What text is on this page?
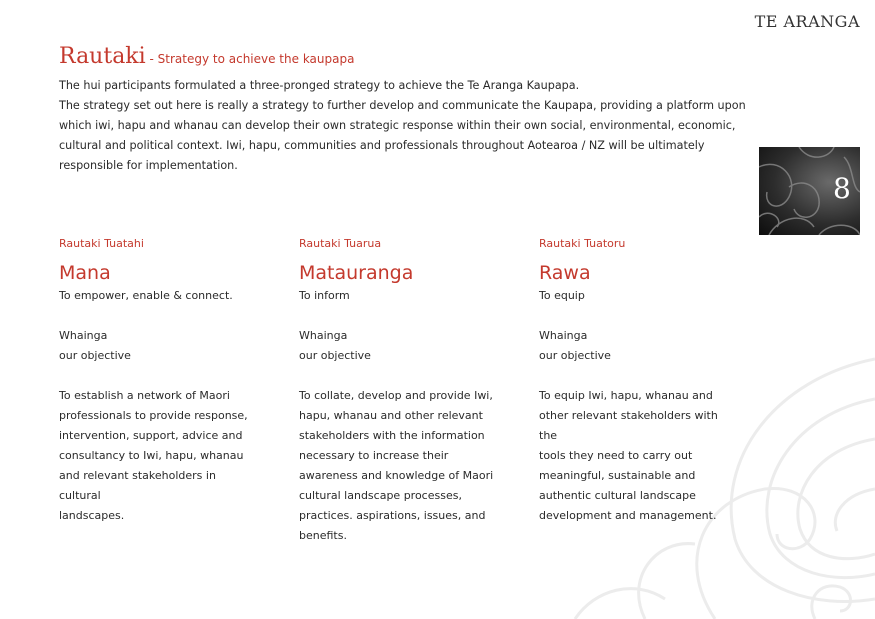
TE ARANGA
Rautaki - Strategy to achieve the kaupapa

The hui participants formulated a three-pronged strategy to achieve the Te Aranga Kaupapa.

The strategy set out here is really a strategy to further develop and communicate the Kaupapa, providing a platform upon which iwi, hapu and whanau can develop their own strategic response within their own social, environmental, economic, cultural and political context. Iwi, hapu, communities and professionals throughout Aotearoa / NZ will be ultimately responsible for implementation.

8
Rautaki Tuatahi
Mana
To empower, enable & connect.
Whainga
our objective
To establish a network of Maori
professionals to provide response,
intervention, support, advice and
consultancy to Iwi, hapu, whanau
and relevant stakeholders in cultural
landscapes.
Rautaki Tuarua
Matauranga
To inform
Whainga
our objective
To collate, develop and provide Iwi,
hapu, whanau and other relevant
stakeholders with the information
necessary to increase their
awareness and knowledge of Maori
cultural landscape processes,
practices. aspirations, issues, and
benefits.
Rautaki Tuatoru
Rawa
To equip
Whainga
our objective
To equip Iwi, hapu, whanau and
other relevant stakeholders with the
tools they need to carry out
meaningful, sustainable and
authentic cultural landscape
development and management.
